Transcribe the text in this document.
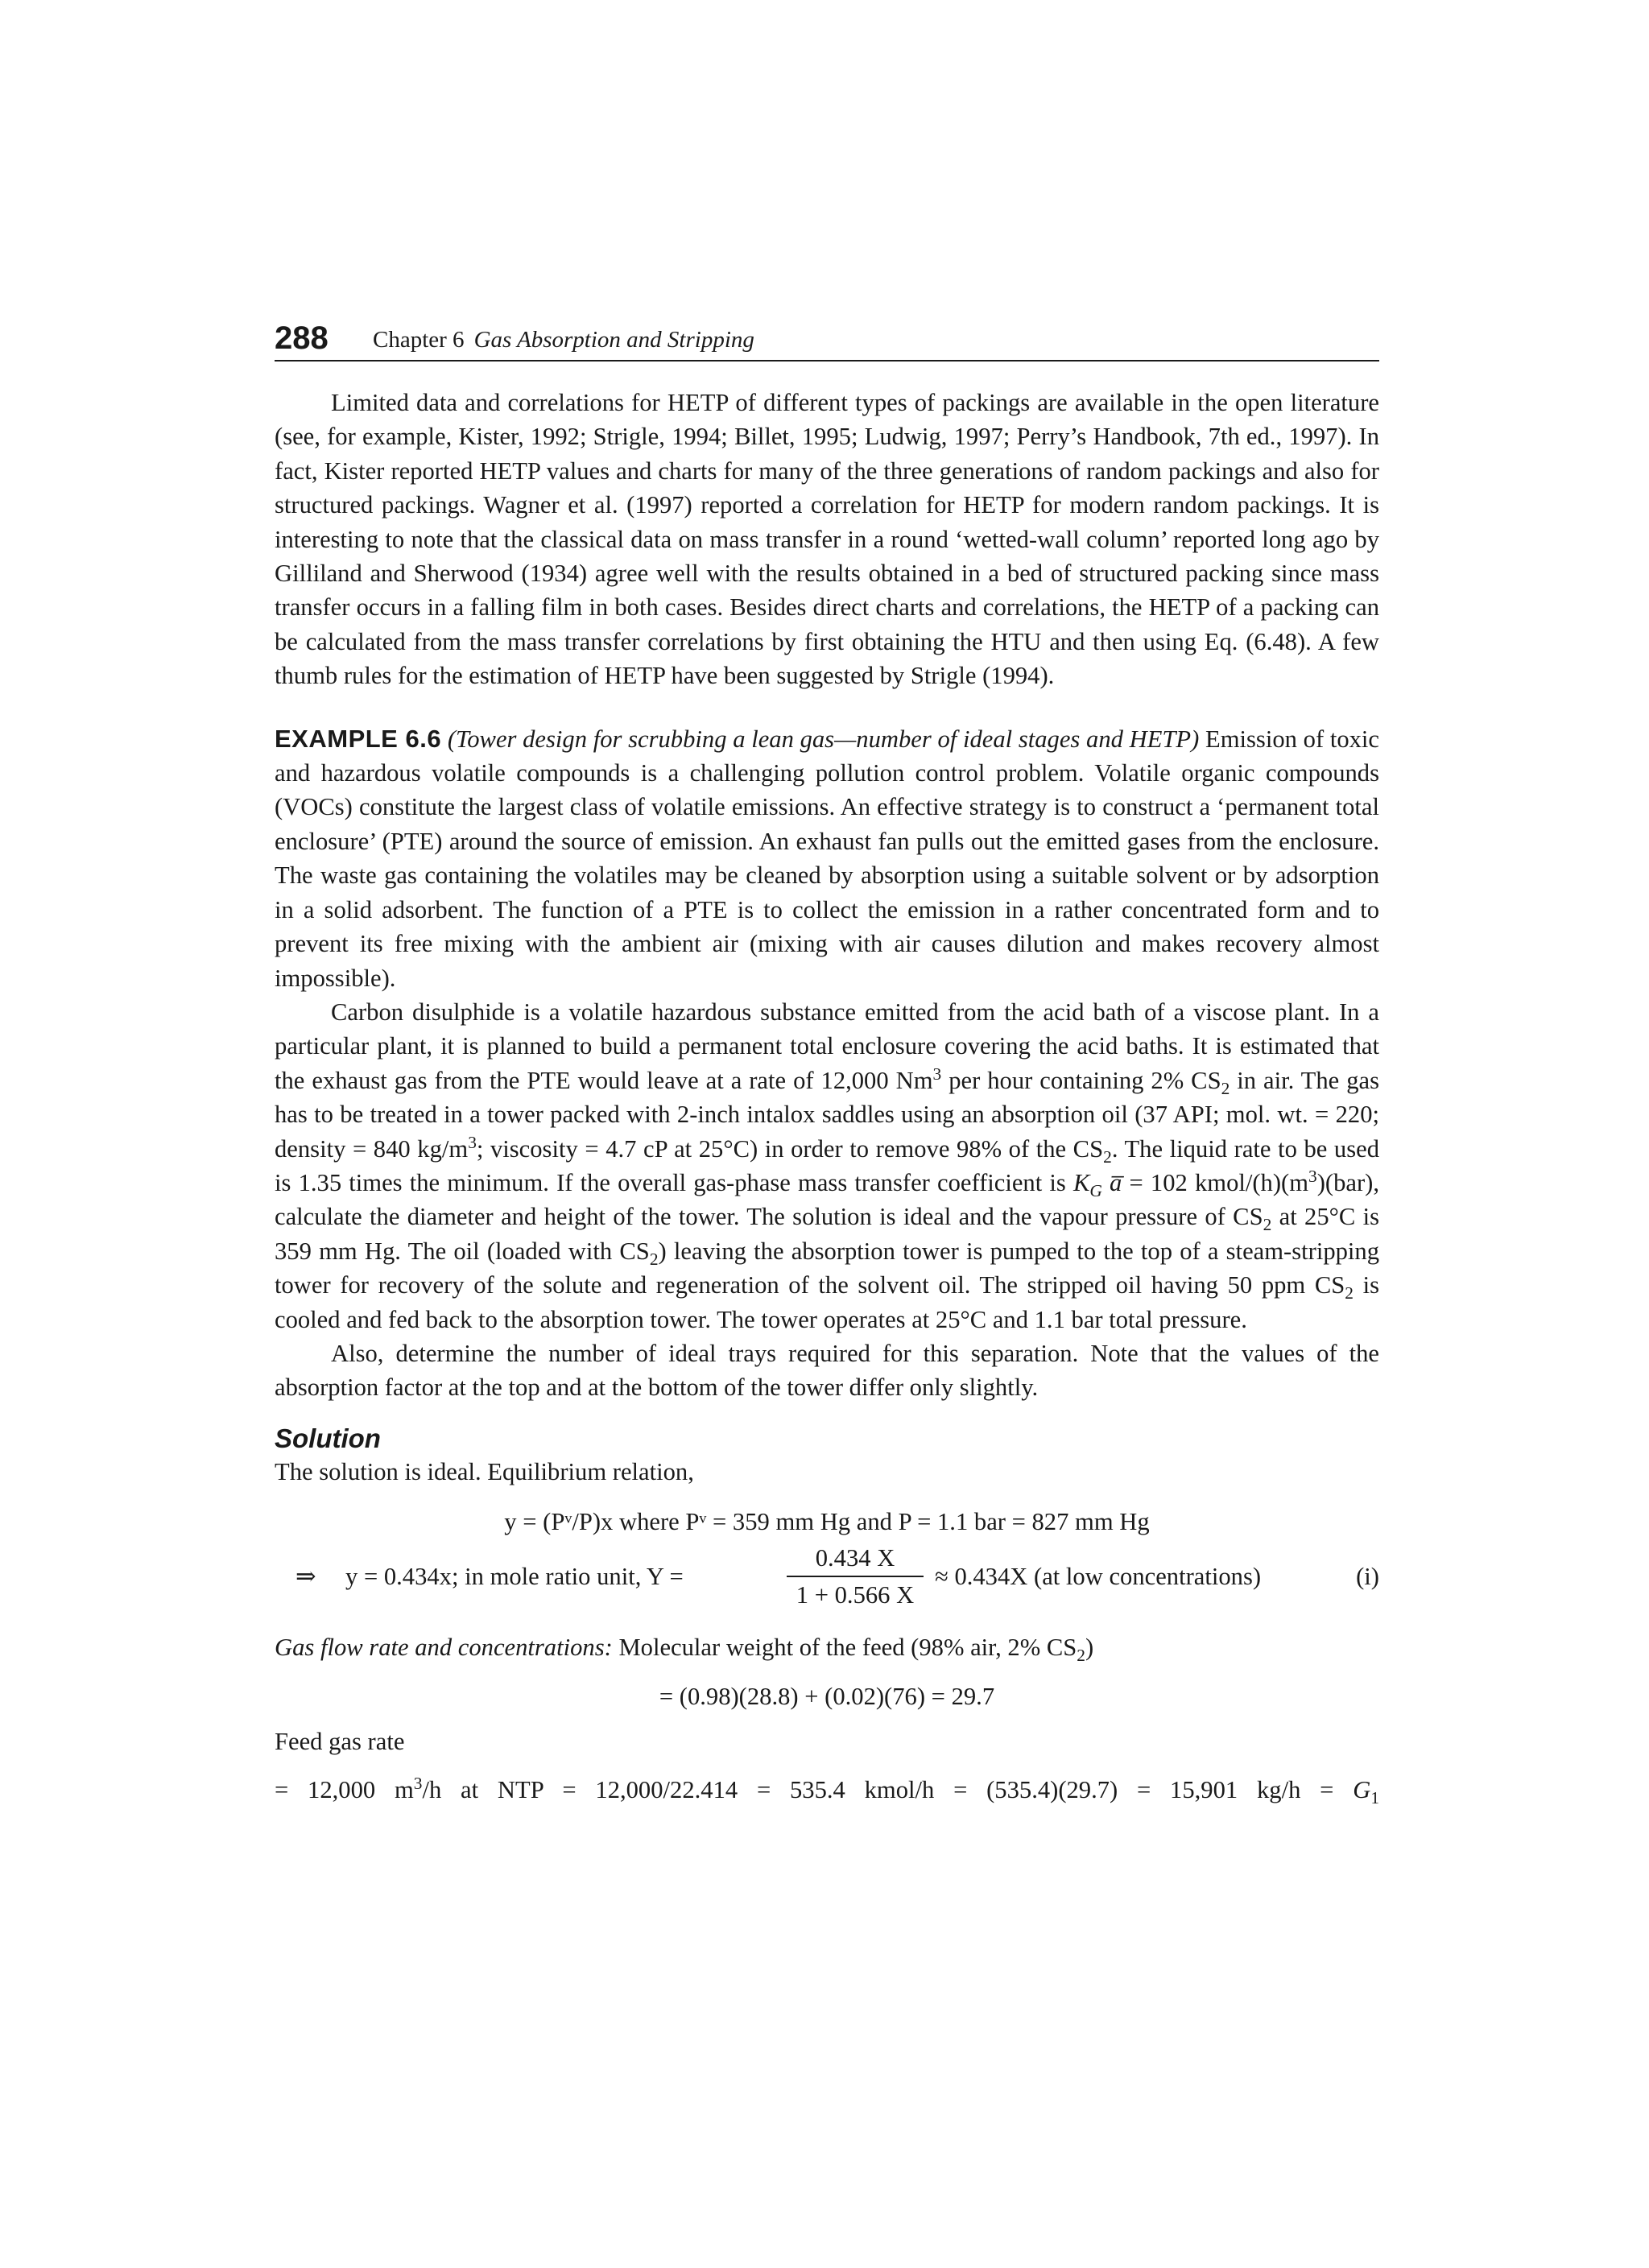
288 Chapter 6 Gas Absorption and Stripping

Limited data and correlations for HETP of different types of packings are available in the open literature (see, for example, Kister, 1992; Strigle, 1994; Billet, 1995; Ludwig, 1997; Perry’s Handbook, 7th ed., 1997). In fact, Kister reported HETP values and charts for many of the three generations of random packings and also for structured packings. Wagner et al. (1997) reported a correlation for HETP for modern random packings. It is interesting to note that the classical data on mass transfer in a round ‘wetted-wall column’ reported long ago by Gilliland and Sherwood (1934) agree well with the results obtained in a bed of structured packing since mass transfer occurs in a falling film in both cases. Besides direct charts and correlations, the HETP of a packing can be calculated from the mass transfer correlations by first obtaining the HTU and then using Eq. (6.48). A few thumb rules for the estimation of HETP have been suggested by Strigle (1994).

EXAMPLE 6.6 (Tower design for scrubbing a lean gas—number of ideal stages and HETP) Emission of toxic and hazardous volatile compounds is a challenging pollution control problem. Volatile organic compounds (VOCs) constitute the largest class of volatile emissions. An effective strategy is to construct a ‘permanent total enclosure’ (PTE) around the source of emission. An exhaust fan pulls out the emitted gases from the enclosure. The waste gas containing the volatiles may be cleaned by absorption using a suitable solvent or by adsorption in a solid adsorbent. The function of a PTE is to collect the emission in a rather concentrated form and to prevent its free mixing with the ambient air (mixing with air causes dilution and makes recovery almost impossible).

Carbon disulphide is a volatile hazardous substance emitted from the acid bath of a viscose plant. In a particular plant, it is planned to build a permanent total enclosure covering the acid baths. It is estimated that the exhaust gas from the PTE would leave at a rate of 12,000 Nm$^3$ per hour containing 2% $CS_2$ in air. The gas has to be treated in a tower packed with 2-inch intalox saddles using an absorption oil (37 API; mol. wt. = 220; density = 840 $kg/m^3$; viscosity = 4.7 cP at 25°C) in order to remove 98% of the $CS_2$. The liquid rate to be used is 1.35 times the minimum. If the overall gas-phase mass transfer coefficient is $K_G$ a̅ = 102 kmol/$(h)(m^3)(bar)$, calculate the diameter and height of the tower. The solution is ideal and the vapour pressure of $CS_2$ at 25°C is 359 mm Hg. The oil (loaded with $CS_2$) leaving the absorption tower is pumped to the top of a steam-stripping tower for recovery of the solute and regeneration of the solvent oil. The stripped oil having 50 ppm $CS_2$ is cooled and fed back to the absorption tower. The tower operates at 25°C and 1.1 bar total pressure.

Also, determine the number of ideal trays required for this separation. Note that the values of the absorption factor at the top and at the bottom of the tower differ only slightly.

Solution

The solution is ideal. Equilibrium relation,

y = (Pᵛ/P)x where Pᵛ = 359 mm Hg and P = 1.1 bar = 827 mm Hg
⇒ y = 0.434x; in mole ratio unit, Y =	$\frac{0.434 X}{1 + 0.566 X} \approx 0.434X$ (at low concentrations)	(i)

Gas flow rate and concentrations: Molecular weight of the feed (98% air, 2% $CS_2$)

= (0.98)(28.8) + (0.02)(76) = 29.7

Feed gas rate

= 12,000 $m^3/h$ at NTP = 12,000/22.414 = 535.4 kmol/h = (535.4)(29.7) = 15,901 $kg/h = G_1$
